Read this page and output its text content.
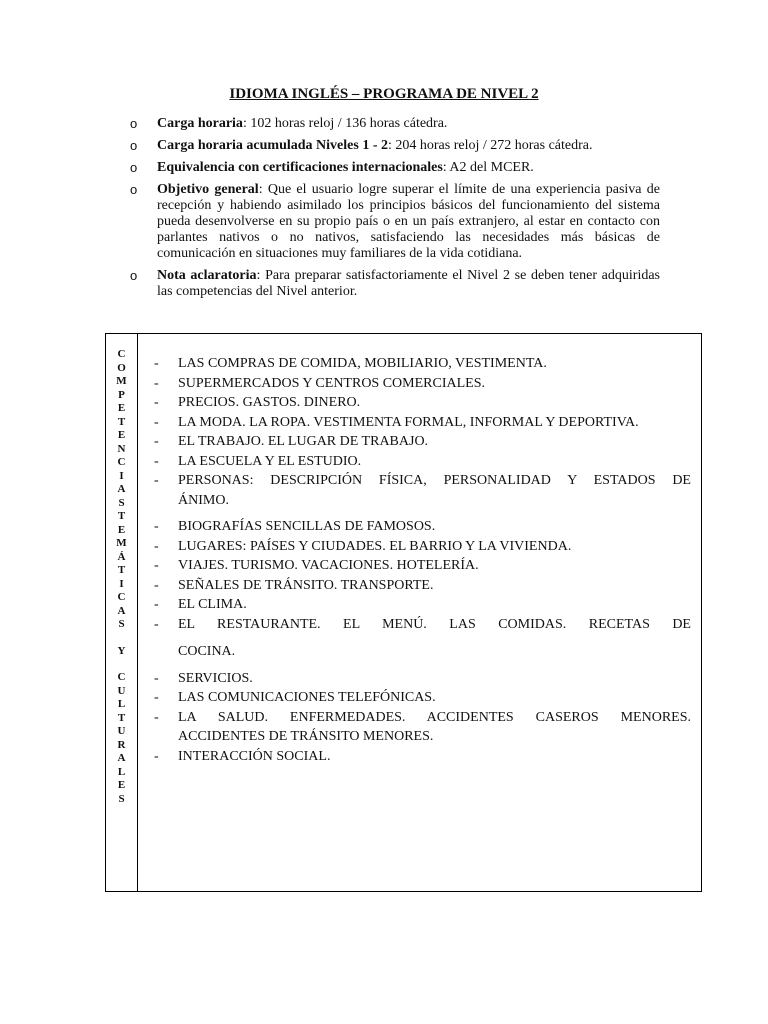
IDIOMA INGLÉS – PROGRAMA DE NIVEL 2
o Carga horaria: 102 horas reloj / 136 horas cátedra.
o Carga horaria acumulada Niveles 1 - 2: 204 horas reloj / 272 horas cátedra.
o Equivalencia con certificaciones internacionales: A2 del MCER.
o Objetivo general: Que el usuario logre superar el límite de una experiencia pasiva de recepción y habiendo asimilado los principios básicos del funcionamiento del sistema pueda desenvolverse en su propio país o en un país extranjero, al estar en contacto con parlantes nativos o no nativos, satisfaciendo las necesidades más básicas de comunicación en situaciones muy familiares de la vida cotidiana.
o Nota aclaratoria: Para preparar satisfactoriamente el Nivel 2 se deben tener adquiridas las competencias del Nivel anterior.
C
O
M
P
E
T
E
N
C
I
A
S
T
E
M
Á
T
I
C
A
S
Y
C
U
L
T
U
R
A
L
E
S
- LAS COMPRAS DE COMIDA, MOBILIARIO, VESTIMENTA.
- SUPERMERCADOS Y CENTROS COMERCIALES.
- PRECIOS. GASTOS. DINERO.
- LA MODA. LA ROPA. VESTIMENTA FORMAL, INFORMAL Y DEPORTIVA.
- EL TRABAJO. EL LUGAR DE TRABAJO.
- LA ESCUELA Y EL ESTUDIO.
- PERSONAS: DESCRIPCIÓN FÍSICA, PERSONALIDAD Y ESTADOS DE
ÁNIMO.
- BIOGRAFÍAS SENCILLAS DE FAMOSOS.
- LUGARES: PAÍSES Y CIUDADES. EL BARRIO Y LA VIVIENDA.
- VIAJES. TURISMO. VACACIONES. HOTELERÍA.
- SEÑALES DE TRÁNSITO. TRANSPORTE.
- EL CLIMA.
- EL RESTAURANTE. EL MENÚ. LAS COMIDAS. RECETAS DE
COCINA.
- SERVICIOS.
- LAS COMUNICACIONES TELEFÓNICAS.
- LA SALUD. ENFERMEDADES. ACCIDENTES CASEROS MENORES.
ACCIDENTES DE TRÁNSITO MENORES.
- INTERACCIÓN SOCIAL.
